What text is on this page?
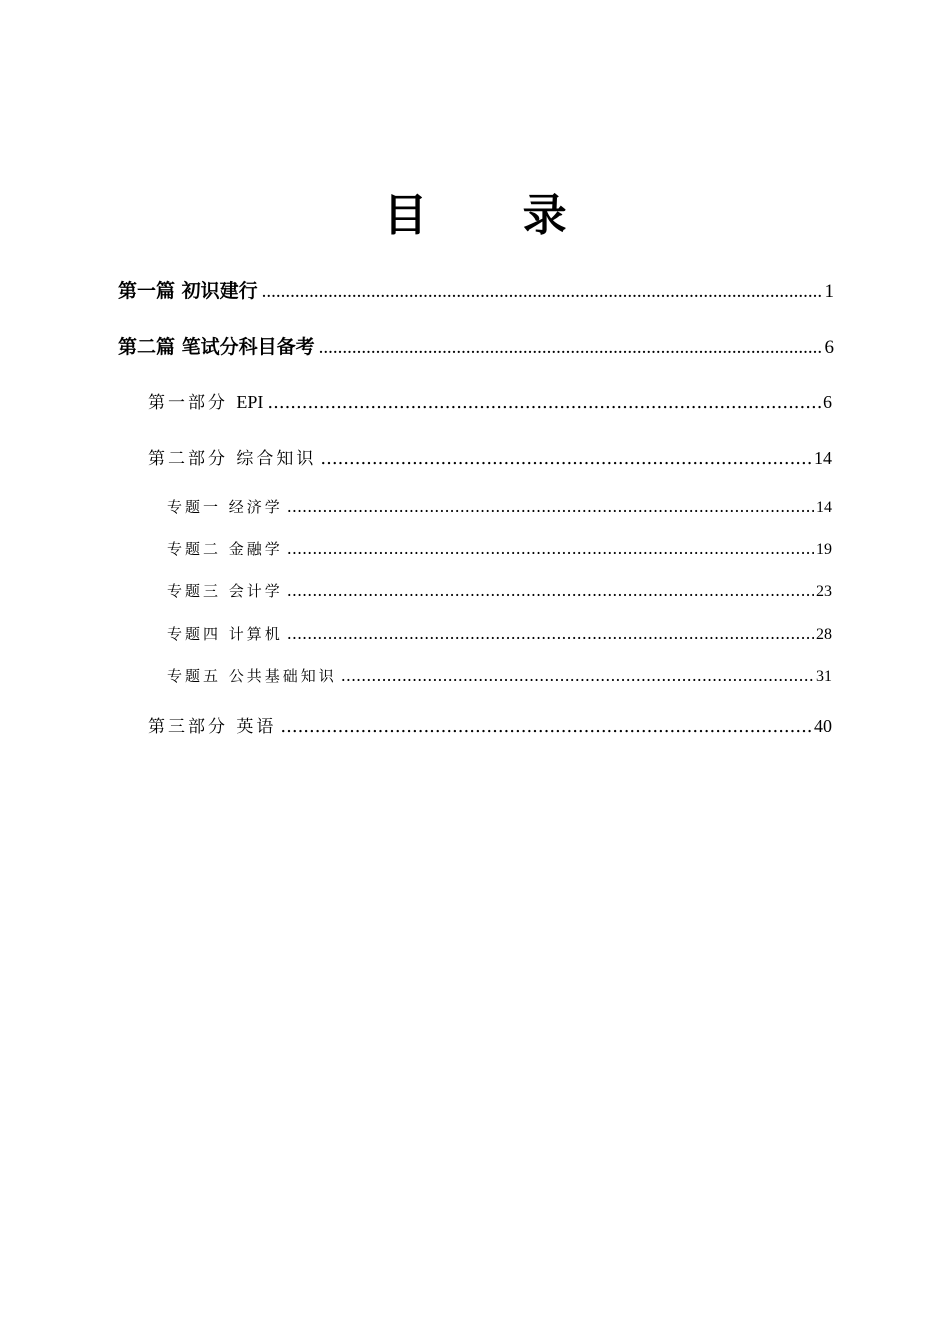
目 录
第一篇 初识建行 .....	1
第二篇 笔试分科目备考 .....	6
第一部分 EPI .....	6
第二部分 综合知识 .....	14
专题一 经济学 .....	14
专题二 金融学 .....	19
专题三 会计学 .....	23
专题四 计算机 .....	28
专题五 公共基础知识 .....	31
第三部分 英语 .....	40
